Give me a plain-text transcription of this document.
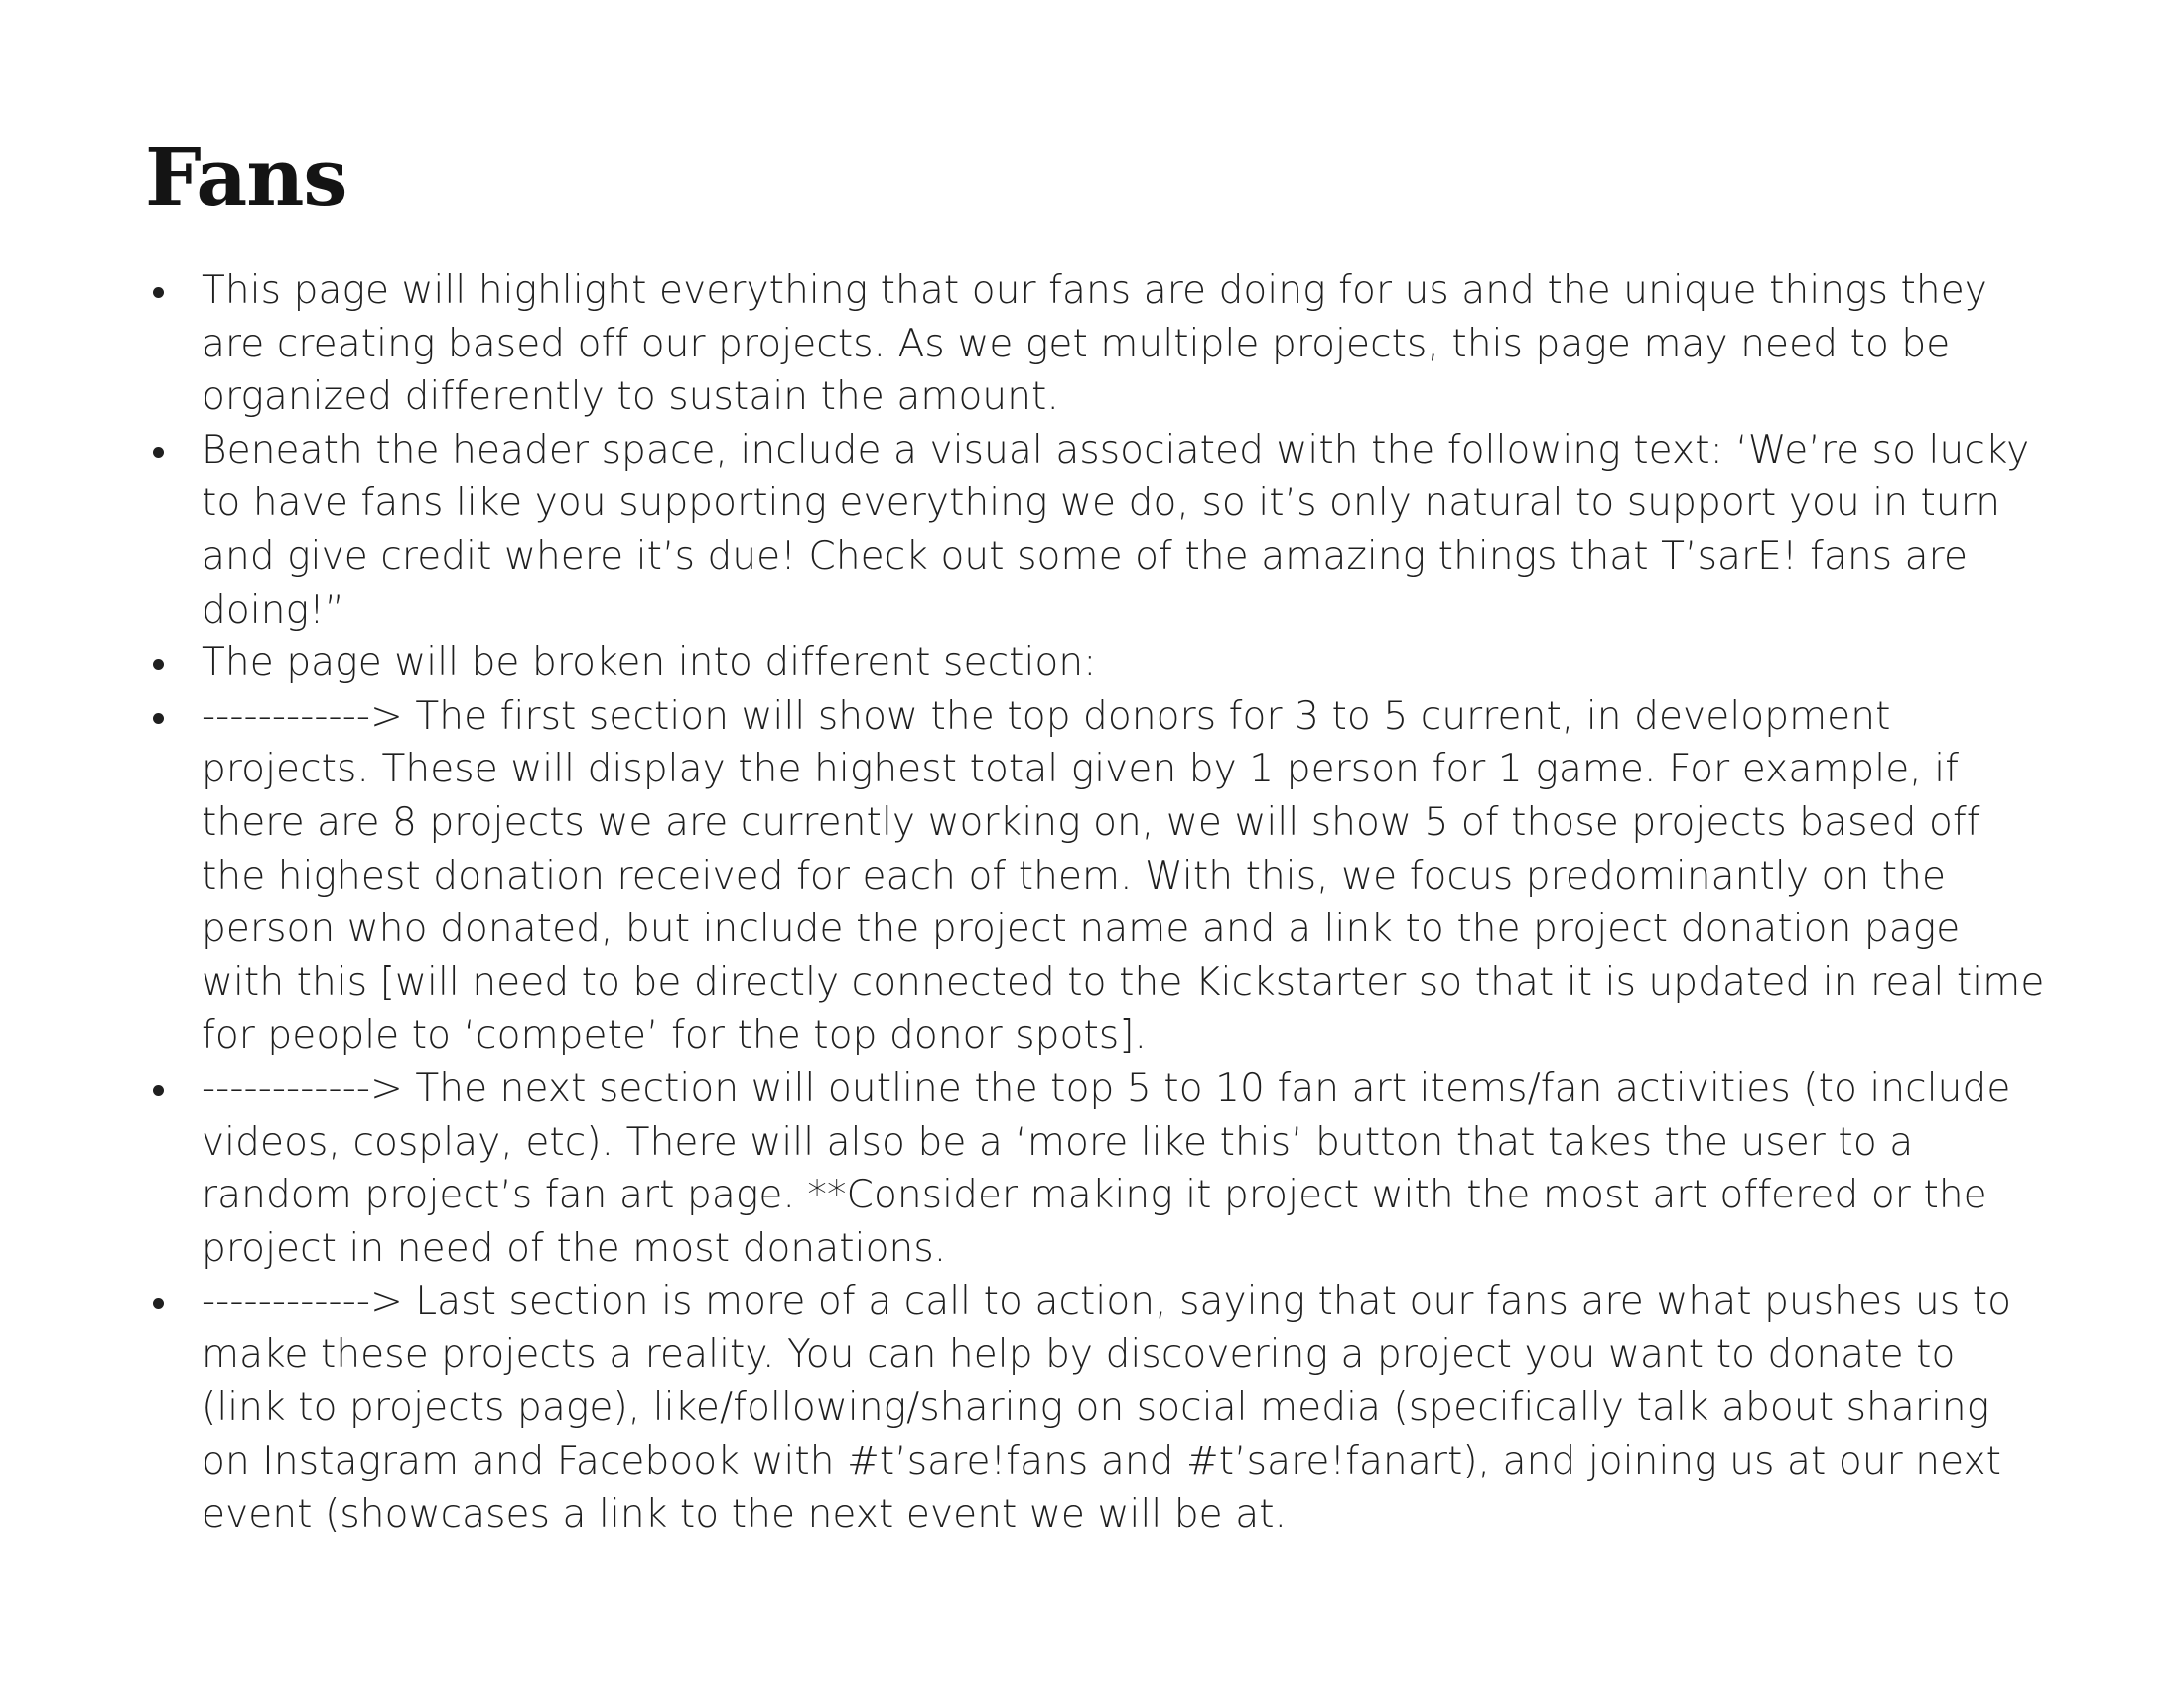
Fans
This page will highlight everything that our fans are doing for us and the unique things they
are creating based off our projects. As we get multiple projects, this page may need to be
organized differently to sustain the amount.
Beneath the header space, include a visual associated with the following text: ‘We’re so lucky
to have fans like you supporting everything we do, so it’s only natural to support you in turn
and give credit where it’s due! Check out some of the amazing things that T’sarE! fans are
doing!”
The page will be broken into different section:
------------> The first section will show the top donors for 3 to 5 current, in development
projects. These will display the highest total given by 1 person for 1 game. For example, if
there are 8 projects we are currently working on, we will show 5 of those projects based off
the highest donation received for each of them. With this, we focus predominantly on the
person who donated, but include the project name and a link to the project donation page
with this [will need to be directly connected to the Kickstarter so that it is updated in real time
for people to ‘compete’ for the top donor spots].
------------> The next section will outline the top 5 to 10 fan art items/fan activities (to include
videos, cosplay, etc). There will also be a ‘more like this’ button that takes the user to a
random project’s fan art page. **Consider making it project with the most art offered or the
project in need of the most donations.
------------> Last section is more of a call to action, saying that our fans are what pushes us to
make these projects a reality. You can help by discovering a project you want to donate to
(link to projects page), like/following/sharing on social media (specifically talk about sharing
on Instagram and Facebook with #t’sare!fans and #t’sare!fanart), and joining us at our next
event (showcases a link to the next event we will be at.
